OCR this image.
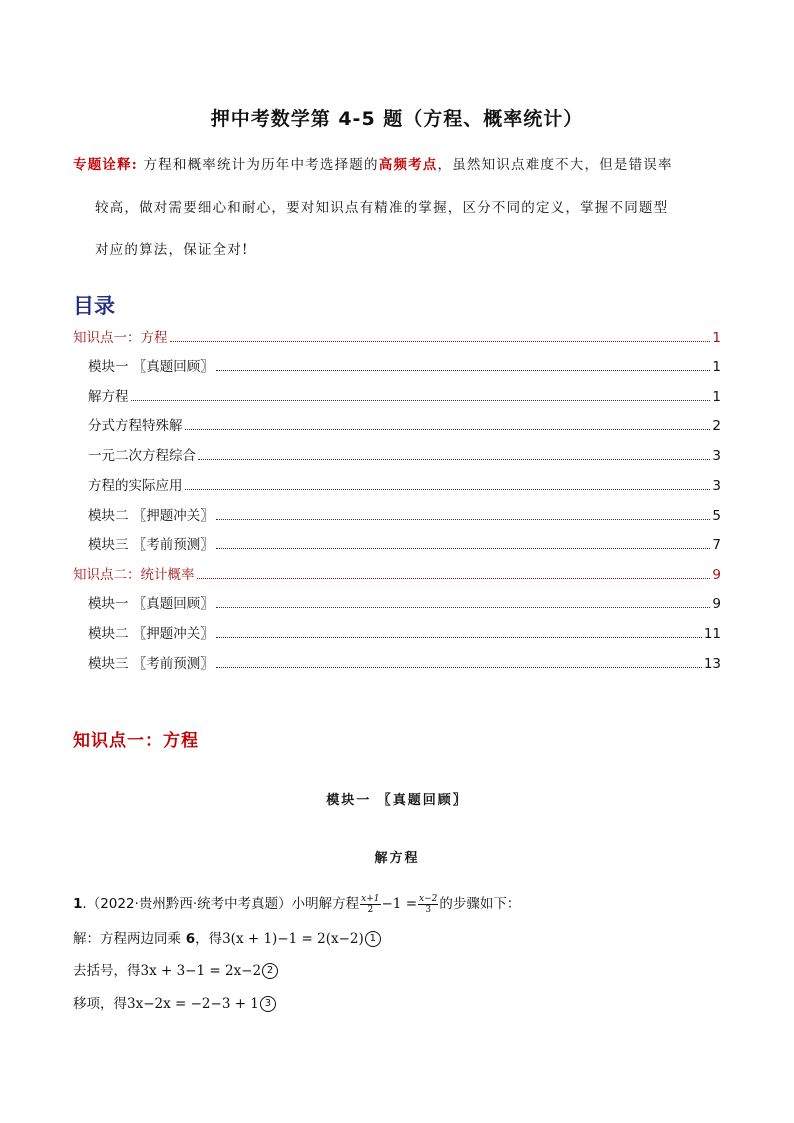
押中考数学第 4-5 题（方程、概率统计）
专题诠释: 方程和概率统计为历年中考选择题的高频考点，虽然知识点难度不大，但是错误率
较高，做对需要细心和耐心，要对知识点有精准的掌握，区分不同的定义，掌握不同题型
对应的算法，保证全对!
目录
知识点一：方程	1
模块一 〖真题回顾〗	1
解方程	1
分式方程特殊解	2
一元二次方程综合	3
方程的实际应用	3
模块二 〖押题冲关〗	5
模块三 〖考前预测〗	7
知识点二：统计概率	9
模块一 〖真题回顾〗	9
模块二 〖押题冲关〗	11
模块三 〖考前预测〗	13
知识点一：方程
模块一 〖真题回顾〗
解方程
1.（2022·贵州黔西·统考中考真题）小明解方程 $\frac{x+1}{2} -1 = \frac{x-2}{3}$ 的步骤如下：
解：方程两边同乘 6，得3(x + 1)−1 = 2(x−2) 1
去括号，得3x + 3−1 = 2x−2 2
移项，得3x−2x = −2−3 + 1 3
